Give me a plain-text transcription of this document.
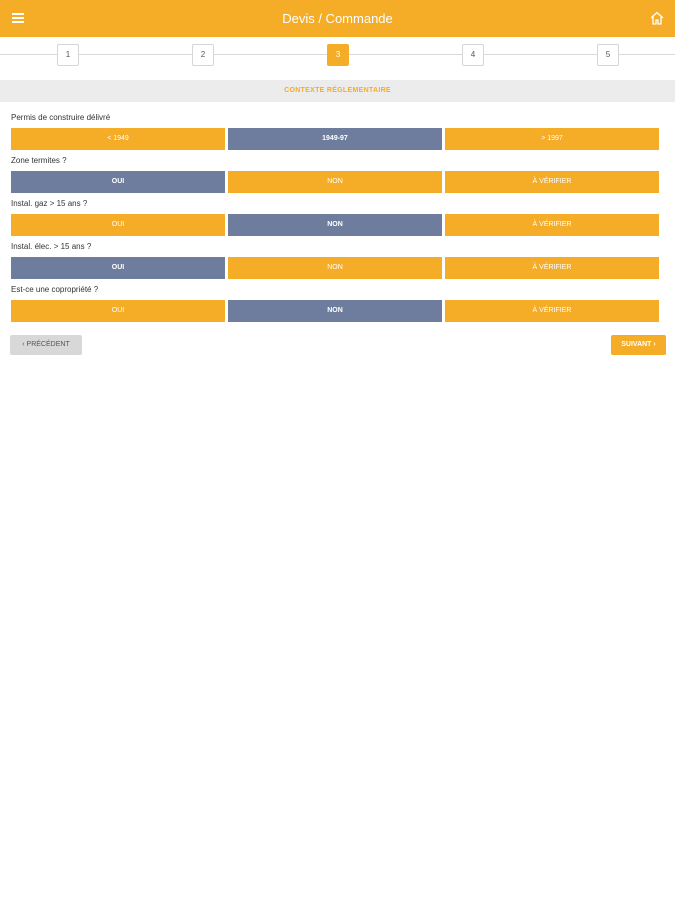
Devis / Commande
1	2	3	4	5
CONTEXTE RÉGLEMENTAIRE
Permis de construire délivré
< 1949	1949-97	> 1997
Zone termites ?
OUI	NON	À VÉRIFIER
Instal. gaz > 15 ans ?
OUI	NON	À VÉRIFIER
Instal. élec. > 15 ans ?
OUI	NON	À VÉRIFIER
Est-ce une copropriété ?
OUI	NON	À VÉRIFIER
‹ PRÉCÉDENT	SUIVANT ›
